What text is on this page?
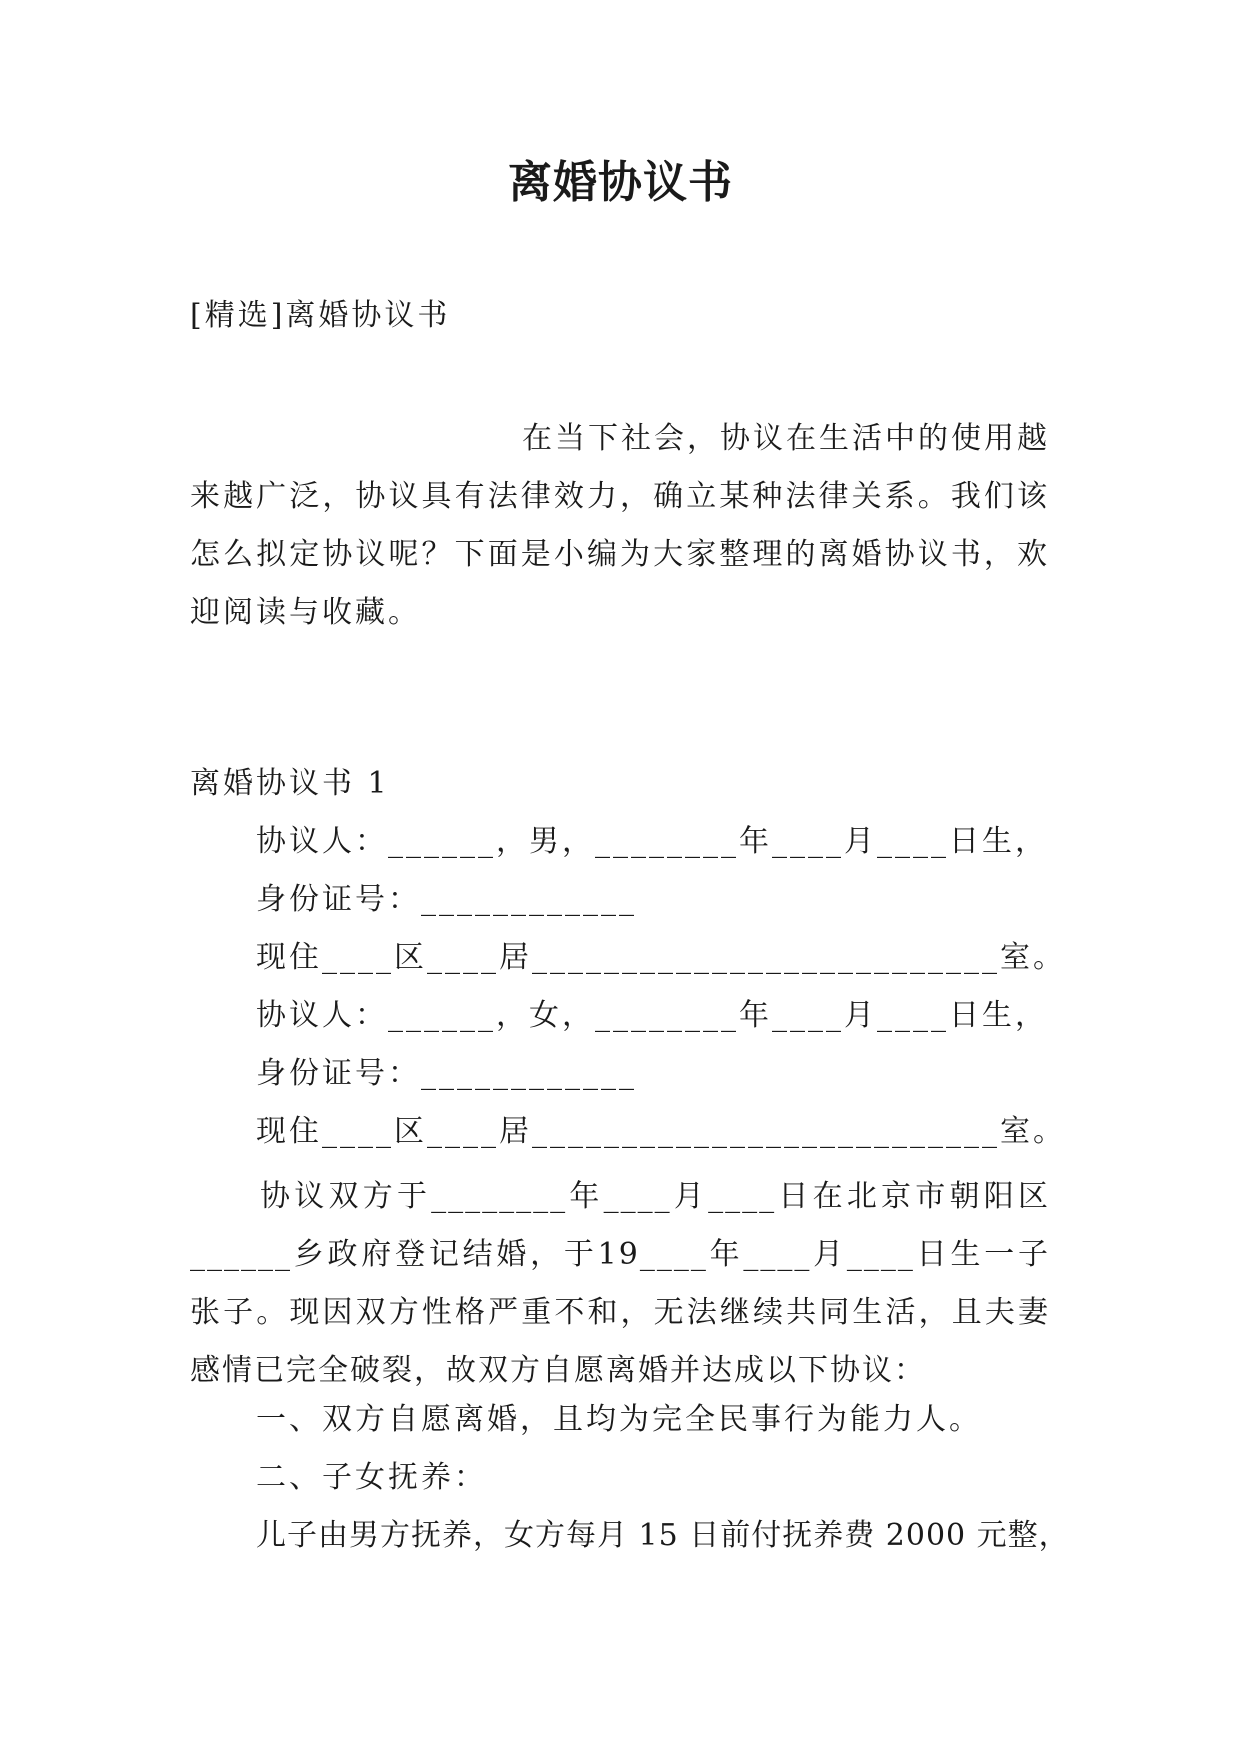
离婚协议书
[精选]离婚协议书
在当下社会，协议在生活中的使用越来越广泛，协议具有法律效力，确立某种法律关系。我们该怎么拟定协议呢？下面是小编为大家整理的离婚协议书，欢迎阅读与收藏。
离婚协议书 1
协议人：______，男，________年____月____日生，
身份证号：____________
现住____区____居__________________________室。
协议人：______，女，________年____月____日生，
身份证号：____________
现住____区____居__________________________室。
协议双方于________年____月____日在北京市朝阳区______乡政府登记结婚，于19____年____月____日生一子张子。现因双方性格严重不和，无法继续共同生活，且夫妻感情已完全破裂，故双方自愿离婚并达成以下协议：
一、双方自愿离婚，且均为完全民事行为能力人。
二、子女抚养：
儿子由男方抚养，女方每月 15 日前付抚养费 2000 元整，
